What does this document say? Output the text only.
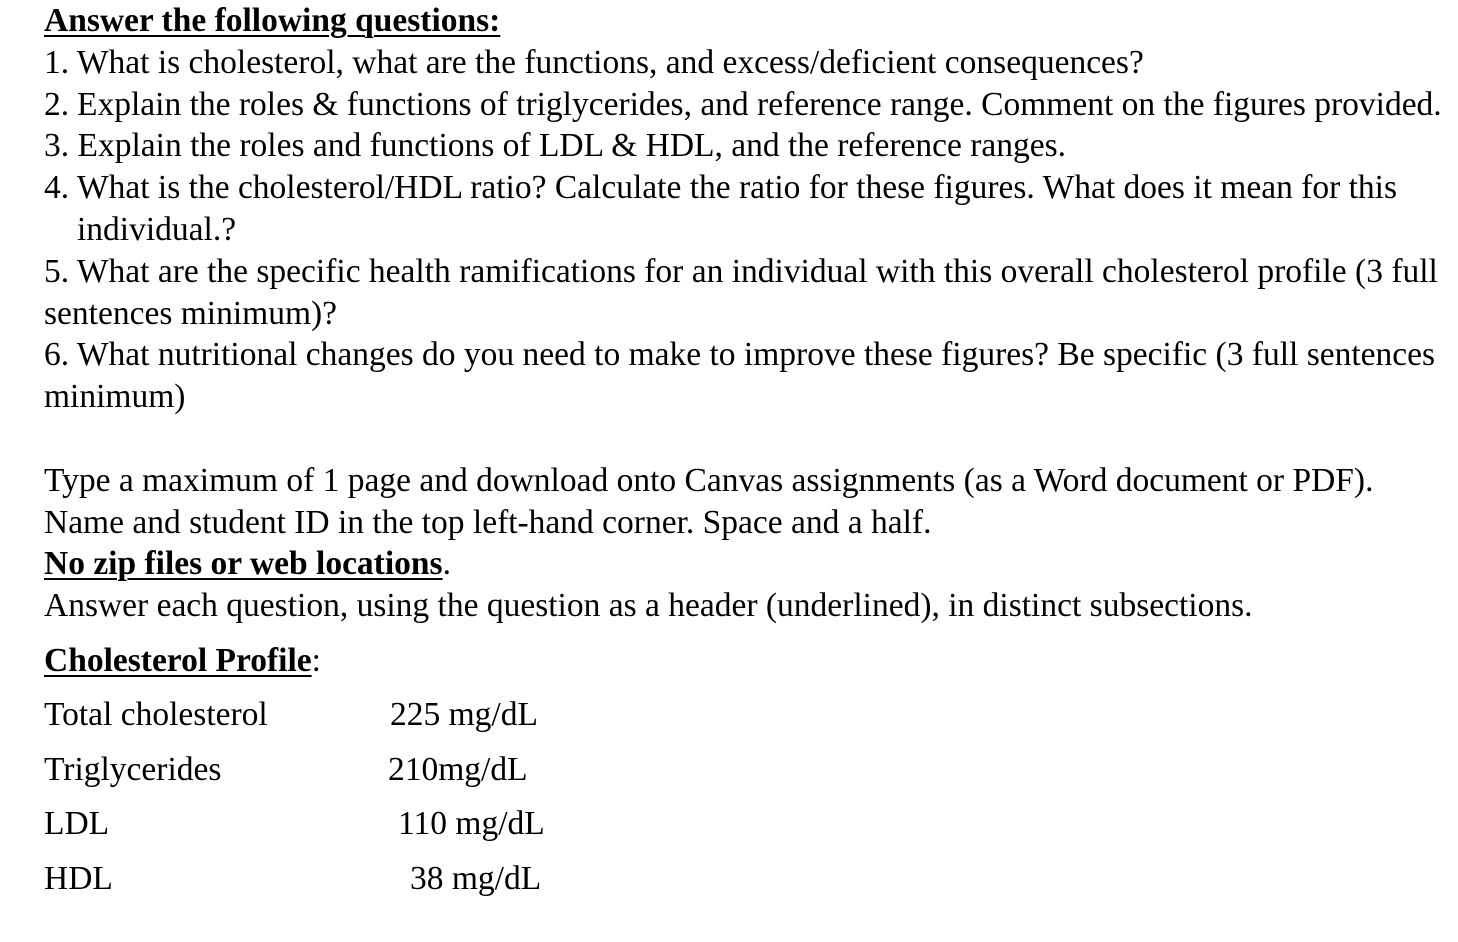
Answer the following questions:
1. What is cholesterol, what are the functions, and excess/deficient consequences?
2. Explain the roles & functions of triglycerides, and reference range. Comment on the figures provided.
3. Explain the roles and functions of LDL & HDL, and the reference ranges.
4. What is the cholesterol/HDL ratio? Calculate the ratio for these figures. What does it mean for this individual.?
5. What are the specific health ramifications for an individual with this overall cholesterol profile (3 full sentences minimum)?
6. What nutritional changes do you need to make to improve these figures? Be specific (3 full sentences minimum)

Type a maximum of 1 page and download onto Canvas assignments (as a Word document or PDF). Name and student ID in the top left-hand corner. Space and a half.

No zip files or web locations.

Answer each question, using the question as a header (underlined), in distinct subsections.

Cholesterol Profile:
Total cholesterol	225 mg/dL
Triglycerides	210mg/dL
LDL	110 mg/dL
HDL	38 mg/dL
